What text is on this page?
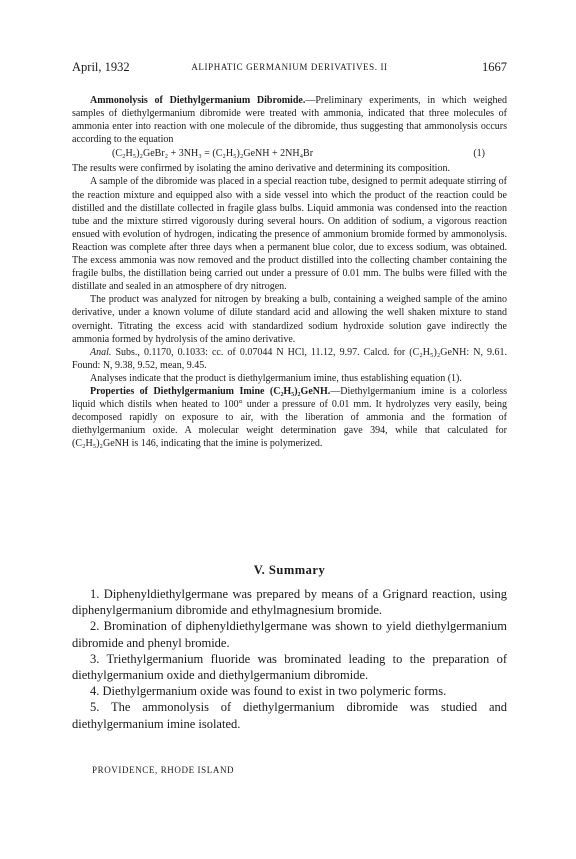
April, 1932	ALIPHATIC GERMANIUM DERIVATIVES. II	1667

Ammonolysis of Diethylgermanium Dibromide.—Preliminary experiments, in which weighed samples of diethylgermanium dibromide were treated with ammonia, indicated that three molecules of ammonia enter into reaction with one molecule of the dibromide, thus suggesting that ammonolysis occurs according to the equation

(C₂H₅)₂GeBr₂ + 3NH₃ = (C₂H₅)₂GeNH + 2NH₄Br	(1)

The results were confirmed by isolating the amino derivative and determining its composition.

A sample of the dibromide was placed in a special reaction tube, designed to permit adequate stirring of the reaction mixture and equipped also with a side vessel into which the product of the reaction could be distilled and the distillate collected in fragile glass bulbs. Liquid ammonia was condensed into the reaction tube and the mixture stirred vigorously during several hours. On addition of sodium, a vigorous reaction ensued with evolution of hydrogen, indicating the presence of ammonium bromide formed by ammonolysis. Reaction was complete after three days when a permanent blue color, due to excess sodium, was obtained. The excess ammonia was now removed and the product distilled into the collecting chamber containing the fragile bulbs, the distillation being carried out under a pressure of 0.01 mm. The bulbs were filled with the distillate and sealed in an atmosphere of dry nitrogen.

The product was analyzed for nitrogen by breaking a bulb, containing a weighed sample of the amino derivative, under a known volume of dilute standard acid and allowing the well shaken mixture to stand overnight. Titrating the excess acid with standardized sodium hydroxide solution gave indirectly the ammonia formed by hydrolysis of the amino derivative.

Anal. Subs., 0.1170, 0.1033: cc. of 0.07044 N HCl, 11.12, 9.97. Calcd. for (C₂H₅)₂GeNH: N, 9.61. Found: N, 9.38, 9.52, mean, 9.45.

Analyses indicate that the product is diethylgermanium imine, thus establishing equation (1).

Properties of Diethylgermanium Imine (C₂H₅)₂GeNH.—Diethylgermanium imine is a colorless liquid which distils when heated to 100° under a pressure of 0.01 mm. It hydrolyzes very easily, being decomposed rapidly on exposure to air, with the liberation of ammonia and the formation of diethylgermanium oxide. A molecular weight determination gave 394, while that calculated for (C₂H₅)₂GeNH is 146, indicating that the imine is polymerized.

V. Summary

1. Diphenyldiethylgermane was prepared by means of a Grignard reaction, using diphenylgermanium dibromide and ethylmagnesium bromide.

2. Bromination of diphenyldiethylgermane was shown to yield diethylgermanium dibromide and phenyl bromide.

3. Triethylgermanium fluoride was brominated leading to the preparation of diethylgermanium oxide and diethylgermanium dibromide.

4. Diethylgermanium oxide was found to exist in two polymeric forms.

5. The ammonolysis of diethylgermanium dibromide was studied and diethylgermanium imine isolated.

PROVIDENCE, RHODE ISLAND
